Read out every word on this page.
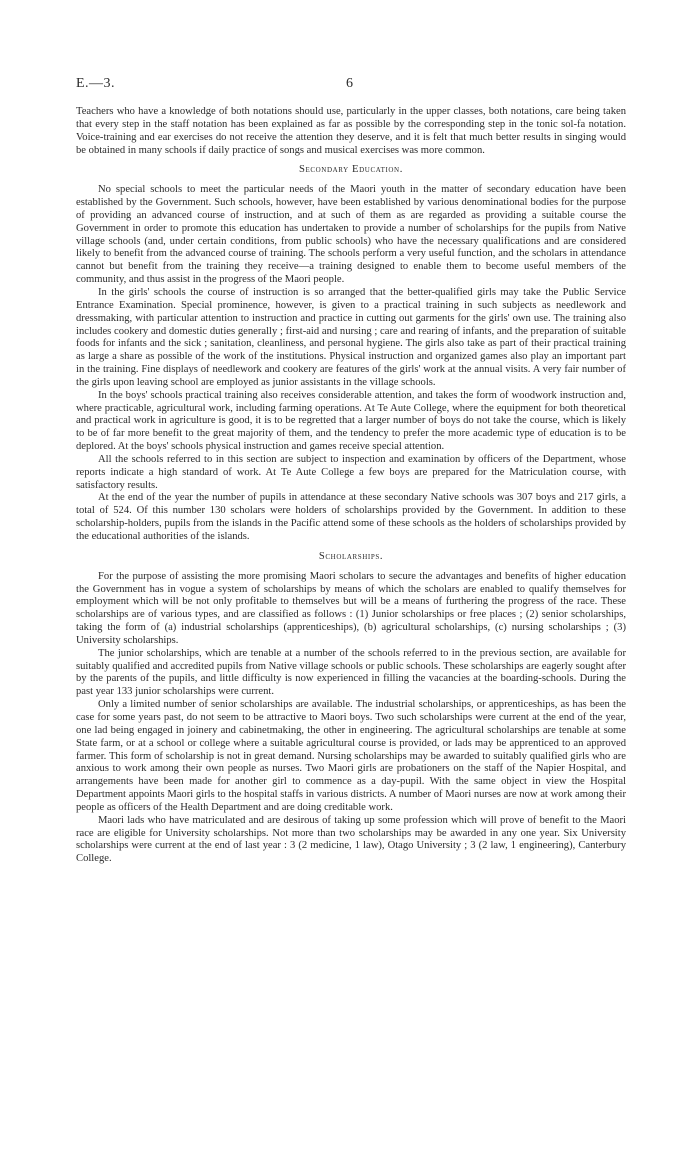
E.—3.	6

Teachers who have a knowledge of both notations should use, particularly in the upper classes, both notations, care being taken that every step in the staff notation has been explained as far as possible by the corresponding step in the tonic sol-fa notation. Voice-training and ear exercises do not receive the attention they deserve, and it is felt that much better results in singing would be obtained in many schools if daily practice of songs and musical exercises was more common.

Secondary Education.

No special schools to meet the particular needs of the Maori youth in the matter of secondary education have been established by the Government. Such schools, however, have been established by various denominational bodies for the purpose of providing an advanced course of instruction, and at such of them as are regarded as providing a suitable course the Government in order to promote this education has undertaken to provide a number of scholarships for the pupils from Native village schools (and, under certain conditions, from public schools) who have the necessary qualifications and are considered likely to benefit from the advanced course of training. The schools perform a very useful function, and the scholars in attendance cannot but benefit from the training they receive—a training designed to enable them to become useful members of the community, and thus assist in the progress of the Maori people.

In the girls' schools the course of instruction is so arranged that the better-qualified girls may take the Public Service Entrance Examination. Special prominence, however, is given to a practical training in such subjects as needlework and dressmaking, with particular attention to instruction and practice in cutting out garments for the girls' own use. The training also includes cookery and domestic duties generally ; first-aid and nursing ; care and rearing of infants, and the preparation of suitable foods for infants and the sick ; sanitation, cleanliness, and personal hygiene. The girls also take as part of their practical training as large a share as possible of the work of the institutions. Physical instruction and organized games also play an important part in the training. Fine displays of needlework and cookery are features of the girls' work at the annual visits. A very fair number of the girls upon leaving school are employed as junior assistants in the village schools.

In the boys' schools practical training also receives considerable attention, and takes the form of woodwork instruction and, where practicable, agricultural work, including farming operations. At Te Aute College, where the equipment for both theoretical and practical work in agriculture is good, it is to be regretted that a larger number of boys do not take the course, which is likely to be of far more benefit to the great majority of them, and the tendency to prefer the more academic type of education is to be deplored. At the boys' schools physical instruction and games receive special attention.

All the schools referred to in this section are subject to inspection and examination by officers of the Department, whose reports indicate a high standard of work. At Te Aute College a few boys are prepared for the Matriculation course, with satisfactory results.

At the end of the year the number of pupils in attendance at these secondary Native schools was 307 boys and 217 girls, a total of 524. Of this number 130 scholars were holders of scholarships provided by the Government. In addition to these scholarship-holders, pupils from the islands in the Pacific attend some of these schools as the holders of scholarships provided by the educational authorities of the islands.

Scholarships.

For the purpose of assisting the more promising Maori scholars to secure the advantages and benefits of higher education the Government has in vogue a system of scholarships by means of which the scholars are enabled to qualify themselves for employment which will be not only profitable to themselves but will be a means of furthering the progress of the race. These scholarships are of various types, and are classified as follows : (1) Junior scholarships or free places ; (2) senior scholarships, taking the form of (a) industrial scholarships (apprenticeships), (b) agricultural scholarships, (c) nursing scholarships ; (3) University scholarships.

The junior scholarships, which are tenable at a number of the schools referred to in the previous section, are available for suitably qualified and accredited pupils from Native village schools or public schools. These scholarships are eagerly sought after by the parents of the pupils, and little difficulty is now experienced in filling the vacancies at the boarding-schools. During the past year 133 junior scholarships were current.

Only a limited number of senior scholarships are available. The industrial scholarships, or apprenticeships, as has been the case for some years past, do not seem to be attractive to Maori boys. Two such scholarships were current at the end of the year, one lad being engaged in joinery and cabinetmaking, the other in engineering. The agricultural scholarships are tenable at some State farm, or at a school or college where a suitable agricultural course is provided, or lads may be apprenticed to an approved farmer. This form of scholarship is not in great demand. Nursing scholarships may be awarded to suitably qualified girls who are anxious to work among their own people as nurses. Two Maori girls are probationers on the staff of the Napier Hospital, and arrangements have been made for another girl to commence as a day-pupil. With the same object in view the Hospital Department appoints Maori girls to the hospital staffs in various districts. A number of Maori nurses are now at work among their people as officers of the Health Department and are doing creditable work.

Maori lads who have matriculated and are desirous of taking up some profession which will prove of benefit to the Maori race are eligible for University scholarships. Not more than two scholarships may be awarded in any one year. Six University scholarships were current at the end of last year : 3 (2 medicine, 1 law), Otago University ; 3 (2 law, 1 engineering), Canterbury College.
